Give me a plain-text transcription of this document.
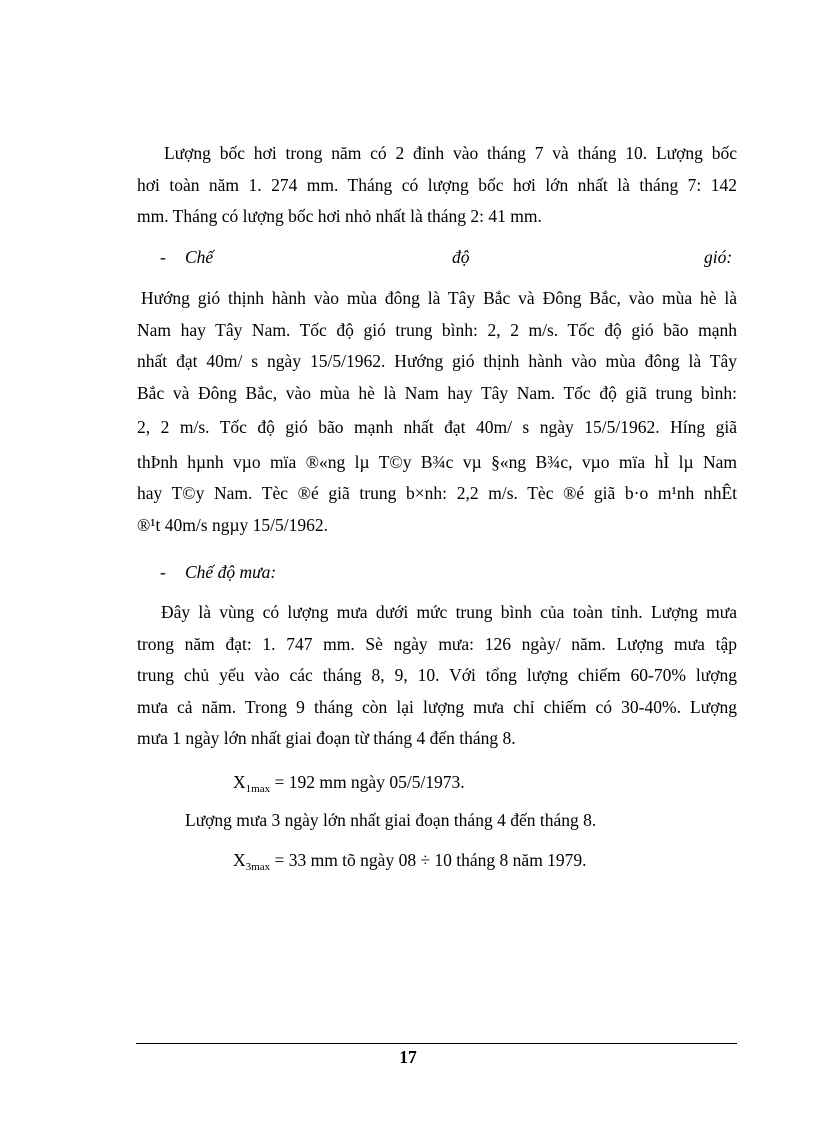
Lượng bốc hơi trong năm có 2 đỉnh vào tháng 7 và tháng 10. Lượng bốc
hơi toàn năm 1. 274 mm. Tháng có lượng bốc hơi lớn nhất là tháng 7: 142
mm. Tháng có lượng bốc hơi nhỏ nhất là tháng 2: 41 mm.
- Chế	độ	gió:
Hướng gió thịnh hành vào mùa đông là Tây Bắc và Đông Bắc, vào mùa hè là
Nam hay Tây Nam. Tốc độ gió trung bình: 2, 2 m/s. Tốc độ gió bão mạnh
nhất đạt 40m/ s ngày 15/5/1962. Hướng gió thịnh hành vào mùa đông là Tây
Bắc và Đông Bắc, vào mùa hè là Nam hay Tây Nam. Tốc độ giã trung bình:
2, 2 m/s. Tốc độ gió bão mạnh nhất đạt 40m/ s ngày 15/5/1962. Híng giã
thÞnh hµnh vµo mïa ®«ng lµ T©y B¾c vµ §«ng B¾c, vµo mïa hÌ lµ Nam
hay T©y Nam. Tèc ®é giã trung b×nh: 2,2 m/s. Tèc ®é giã b·o m¹nh nhÊt
®¹t 40m/s ngµy 15/5/1962.
- Chế độ mưa:
Đây là vùng có lượng mưa dưới mức trung bình của toàn tỉnh. Lượng mưa
trong năm đạt: 1. 747 mm. Sè ngày mưa: 126 ngày/ năm. Lượng mưa tập
trung chủ yếu vào các tháng 8, 9, 10. Với tổng lượng chiếm 60-70% lượng
mưa cả năm. Trong 9 tháng còn lại lượng mưa chỉ chiếm có 30-40%. Lượng
mưa 1 ngày lớn nhất giai đoạn từ tháng 4 đến tháng 8.
$X_{1max} = 192$ mm ngày 05/5/1973.
Lượng mưa 3 ngày lớn nhất giai đoạn tháng 4 đến tháng 8.
$X_{3max} = 33$ mm tõ ngày 08 ÷ 10 tháng 8 năm 1979.
17
